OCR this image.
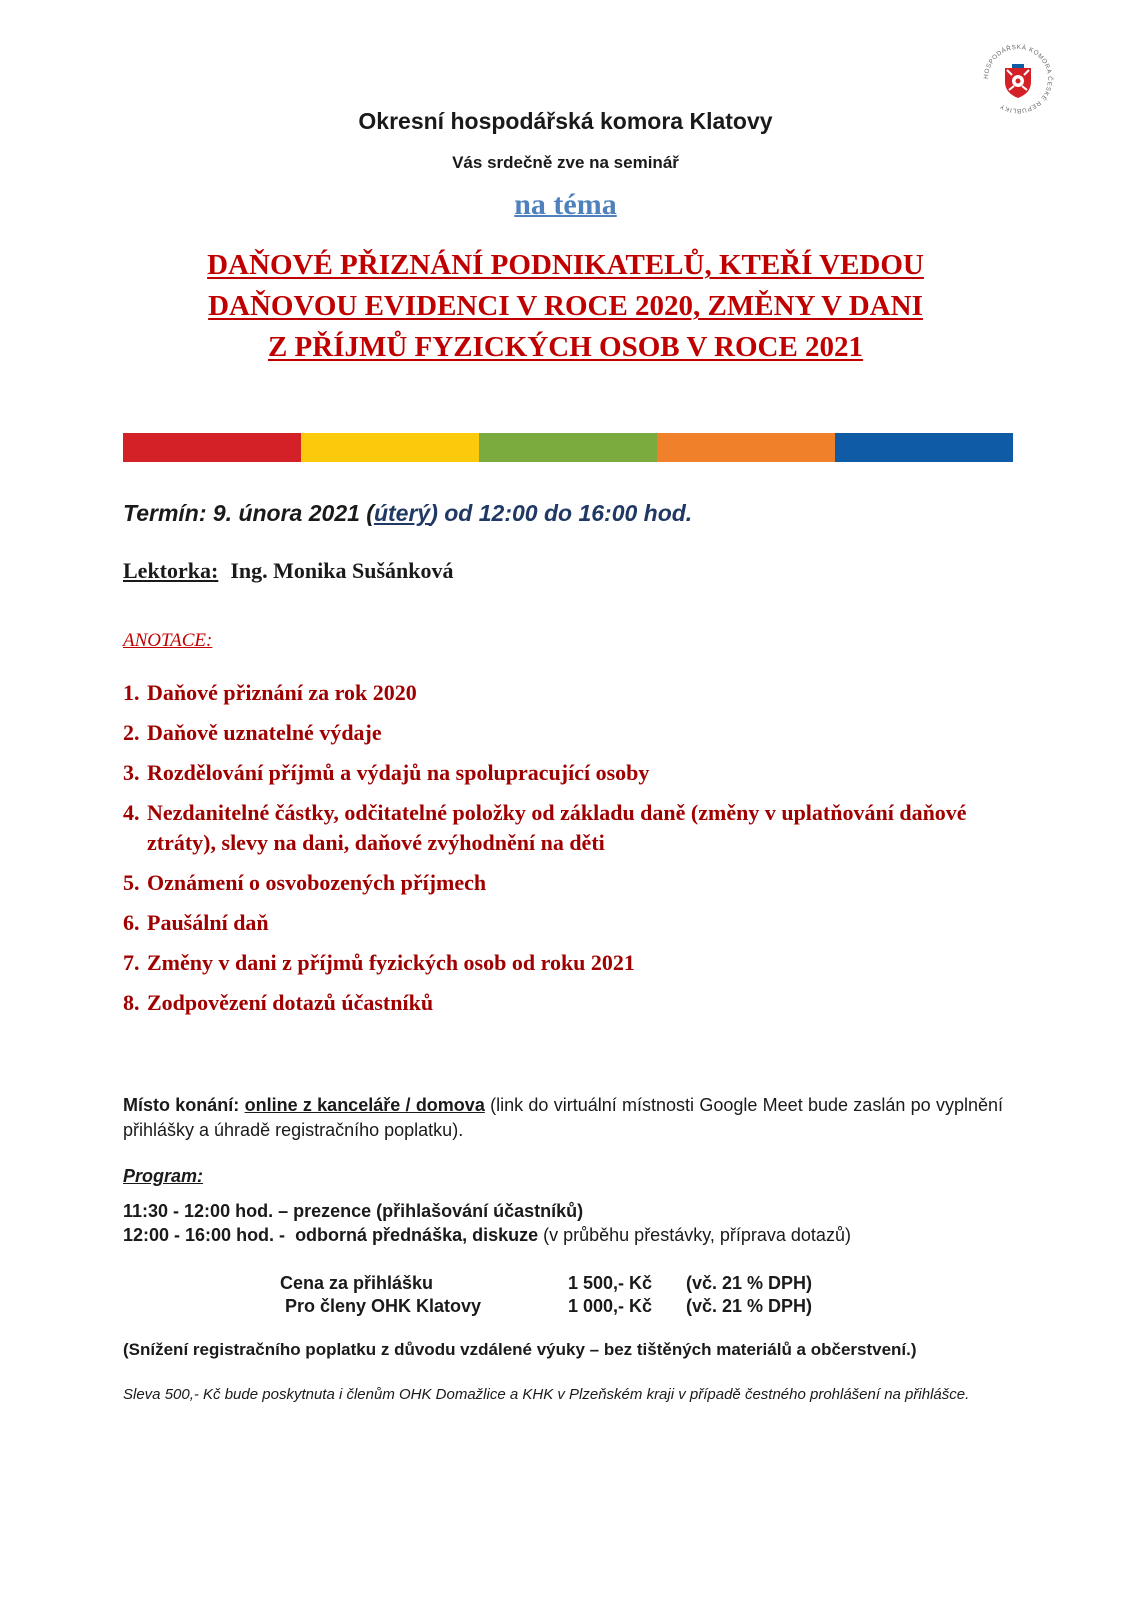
HOSPODÁŘSKÁ KOMORA ČESKÉ REPUBLIKY
Okresní hospodářská komora Klatovy
Vás srdečně zve na seminář
na téma
DAŇOVÉ PŘIZNÁNÍ PODNIKATELŮ, KTEŘÍ VEDOU
DAŇOVOU EVIDENCI V ROCE 2020, ZMĚNY V DANI
Z PŘÍJMŮ FYZICKÝCH OSOB V ROCE 2021
Termín: 9. února 2021 (úterý) od 12:00 do 16:00 hod.
Lektorka: Ing. Monika Sušánková
ANOTACE:
1. Daňové přiznání za rok 2020
2. Daňově uznatelné výdaje
3. Rozdělování příjmů a výdajů na spolupracující osoby
4. Nezdanitelné částky, odčitatelné položky od základu daně (změny v uplatňování daňové ztráty), slevy na dani, daňové zvýhodnění na děti
5. Oznámení o osvobozených příjmech
6. Paušální daň
7. Změny v dani z příjmů fyzických osob od roku 2021
8. Zodpovězení dotazů účastníků
Místo konání: online z kanceláře / domova (link do virtuální místnosti Google Meet bude zaslán po vyplnění přihlášky a úhradě registračního poplatku).
Program:
11:30 - 12:00 hod. – prezence (přihlašování účastníků)
12:00 - 16:00 hod. -  odborná přednáška, diskuze (v průběhu přestávky, příprava dotazů)
Cena za přihlášku	1 500,- Kč	(vč. 21 % DPH)
Pro členy OHK Klatovy	1 000,- Kč	(vč. 21 % DPH)
(Snížení registračního poplatku z důvodu vzdálené výuky – bez tištěných materiálů a občerstvení.)
Sleva 500,- Kč bude poskytnuta i členům OHK Domažlice a KHK v Plzeňském kraji v případě čestného prohlášení na přihlášce.
